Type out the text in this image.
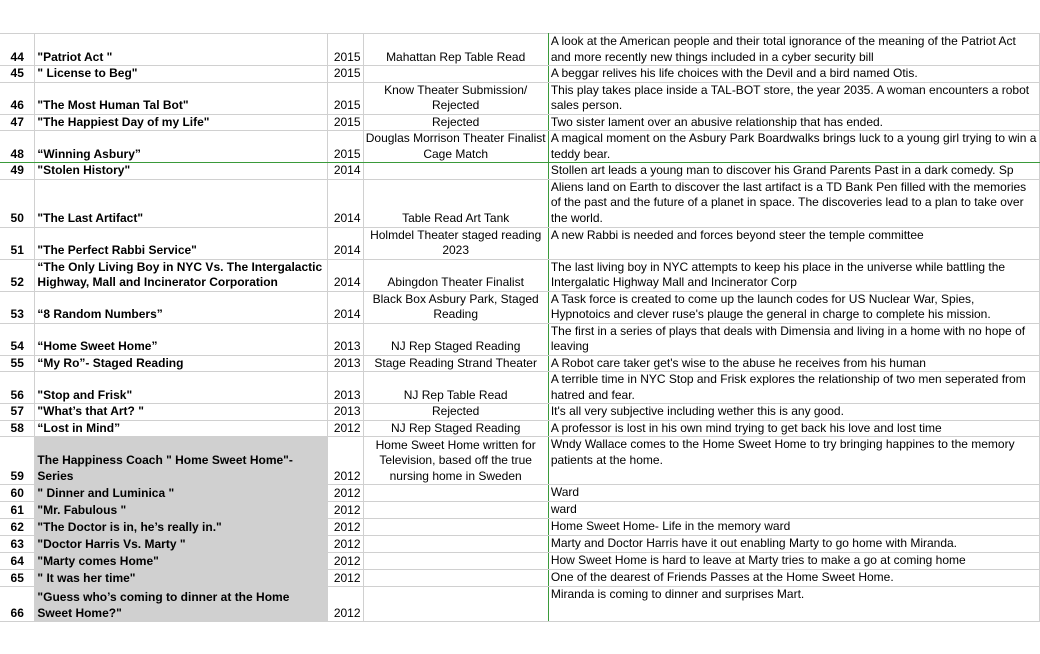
44	"Patriot Act "	2015	Mahattan Rep Table Read	A look at the American people and their total ignorance of the meaning of the Patriot Act and more recently new things included in a cyber security bill
45	" License to Beg"	2015		A beggar relives his life choices with the Devil and a bird named Otis.
46	"The Most Human Tal Bot"	2015	Know Theater Submission/ Rejected	This play takes place inside a TAL-BOT store, the year 2035. A woman encounters a robot sales person.
47	"The Happiest Day of my Life"	2015	Rejected	Two sister lament over an abusive relationship that has ended.
48	“Winning Asbury”	2015	Douglas Morrison Theater Finalist Cage Match	A magical moment on the Asbury Park Boardwalks brings luck to a young girl trying to win a teddy bear.
49	"Stolen History"	2014		Stollen art leads a young man to discover his Grand Parents Past in a dark comedy. Sp
50	"The Last Artifact"	2014	Table Read Art Tank	Aliens land on Earth to discover the last artifact is a TD Bank Pen filled with the memories of the past and the future of a planet in space. The discoveries lead to a plan to take over the world.
51	"The Perfect Rabbi Service"	2014	Holmdel Theater staged reading 2023	A new Rabbi is needed and forces beyond steer the temple committee
52	“The Only Living Boy in NYC Vs. The Intergalactic Highway, Mall and Incinerator Corporation	2014	Abingdon Theater Finalist	The last living boy in NYC attempts to keep his place in the universe while battling the Intergalatic Highway Mall and Incinerator Corp
53	“8 Random Numbers”	2014	Black Box Asbury Park, Staged Reading	A Task force is created to come up the launch codes for US Nuclear War, Spies, Hypnotoics and clever ruse's plauge the general in charge to complete his mission.
54	“Home Sweet Home”	2013	NJ Rep Staged Reading	The first in a series of plays that deals with Dimensia and living in a home with no hope of leaving
55	“My Ro”- Staged Reading	2013	Stage Reading Strand Theater	A Robot care taker get's wise to the abuse he receives from his human
56	"Stop and Frisk"	2013	NJ Rep Table Read	A terrible time in NYC Stop and Frisk explores the relationship of two men seperated from hatred and fear.
57	"What’s that Art? "	2013	Rejected	It's all very subjective including wether this is any good.
58	“Lost in Mind”	2012	NJ Rep Staged Reading	A professor is lost in his own mind trying to get back his love and lost time
59	The Happiness Coach " Home Sweet Home"-Series	2012	Home Sweet Home written for Television, based off the true nursing home in Sweden	Wndy Wallace comes to the Home Sweet Home to try bringing happines to the memory patients at the home.
60	" Dinner and Luminica "	2012		Ward
61	"Mr. Fabulous "	2012		ward
62	"The Doctor is in, he’s really in."	2012		Home Sweet Home- Life in the memory ward
63	"Doctor Harris Vs. Marty "	2012		Marty and Doctor Harris have it out enabling Marty to go home with Miranda.
64	"Marty comes Home"	2012		How Sweet Home is hard to leave at Marty tries to make a go at coming home
65	" It was her time"	2012		One of the dearest of Friends Passes at the Home Sweet Home.
66	"Guess who’s coming to dinner at the Home Sweet Home?"	2012		Miranda is coming to dinner and surprises Mart.
